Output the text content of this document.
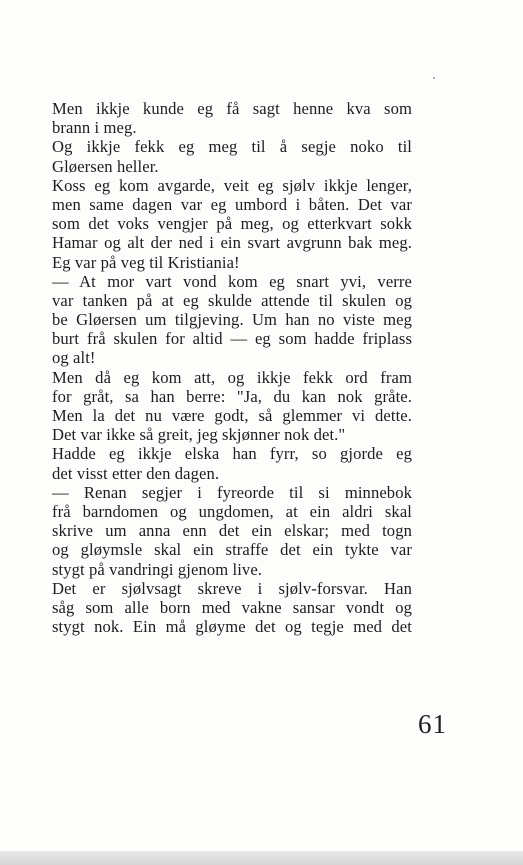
Men ikkje kunde eg få sagt henne kva som
brann i meg.
Og ikkje fekk eg meg til å segje noko til
Gløersen heller.
Koss eg kom avgarde, veit eg sjølv ikkje lenger,
men same dagen var eg umbord i båten. Det var
som det voks vengjer på meg, og etterkvart sokk
Hamar og alt der ned i ein svart avgrunn bak meg.
Eg var på veg til Kristiania!
— At mor vart vond kom eg snart yvi, verre
var tanken på at eg skulde attende til skulen og
be Gløersen um tilgjeving. Um han no viste meg
burt frå skulen for altid — eg som hadde friplass
og alt!
Men då eg kom att, og ikkje fekk ord fram
for gråt, sa han berre: "Ja, du kan nok gråte.
Men la det nu være godt, så glemmer vi dette.
Det var ikke så greit, jeg skjønner nok det."
Hadde eg ikkje elska han fyrr, so gjorde eg
det visst etter den dagen.
— Renan segjer i fyreorde til si minnebok
frå barndomen og ungdomen, at ein aldri skal
skrive um anna enn det ein elskar; med togn
og gløymsle skal ein straffe det ein tykte var
stygt på vandringi gjenom live.
Det er sjølvsagt skreve i sjølv-forsvar. Han
såg som alle born med vakne sansar vondt og
stygt nok. Ein må gløyme det og tegje med det
61
